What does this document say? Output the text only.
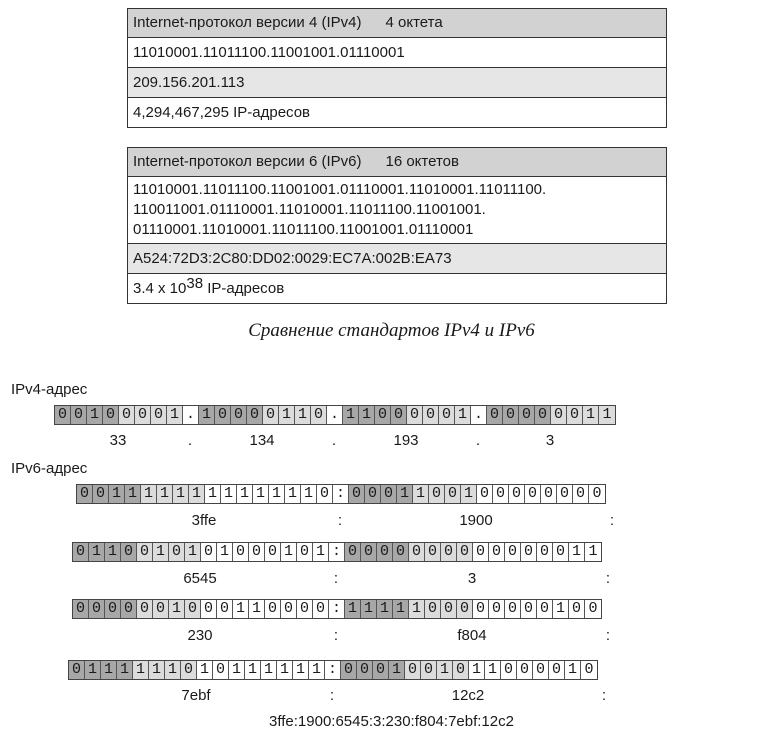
Internet-протокол версии 4 (IPv4) 4 октета
11010001.11011100.11001001.01110001
209.156.201.113
4,294,467,295 IP-адресов
Internet-протокол версии 6 (IPv6) 16 октетов
11010001.11011100.11001001.01110001.11010001.11011100.
110011001.01110001.11010001.11011100.11001001.
01110001.11010001.11011100.11001001.01110001
A524:72D3:2C80:DD02:0029:EC7A:002B:EA73
3.4 x $10^{38}$ IP-адресов
Сравнение стандартов IPv4 и IPv6
IPv4-адрес
0 0 1 0 0 0 0 1 . 1 0 0 0 0 1 1 0 . 1 1 0 0 0 0 0 1 . 0 0 0 0 0 0 1 1
33	.	134	.	193	.	3
IPv6-адрес
0 0 1 1 1 1 1 1 1 1 1 1 1 1 1 0 : 0 0 0 1 1 0 0 1 0 0 0 0 0 0 0 0
3ffe	:	1900	:
0 1 1 0 0 1 0 1 0 1 0 0 0 1 0 1 : 0 0 0 0 0 0 0 0 0 0 0 0 0 0 1 1
6545	:	3	:
0 0 0 0 0 0 1 0 0 0 1 1 0 0 0 0 : 1 1 1 1 1 0 0 0 0 0 0 0 0 1 0 0
230	:	f804	:
0 1 1 1 1 1 1 0 1 0 1 1 1 1 1 1 : 0 0 0 1 0 0 1 0 1 1 0 0 0 0 1 0
7ebf	:	12c2	:
3ffe:1900:6545:3:230:f804:7ebf:12c2
